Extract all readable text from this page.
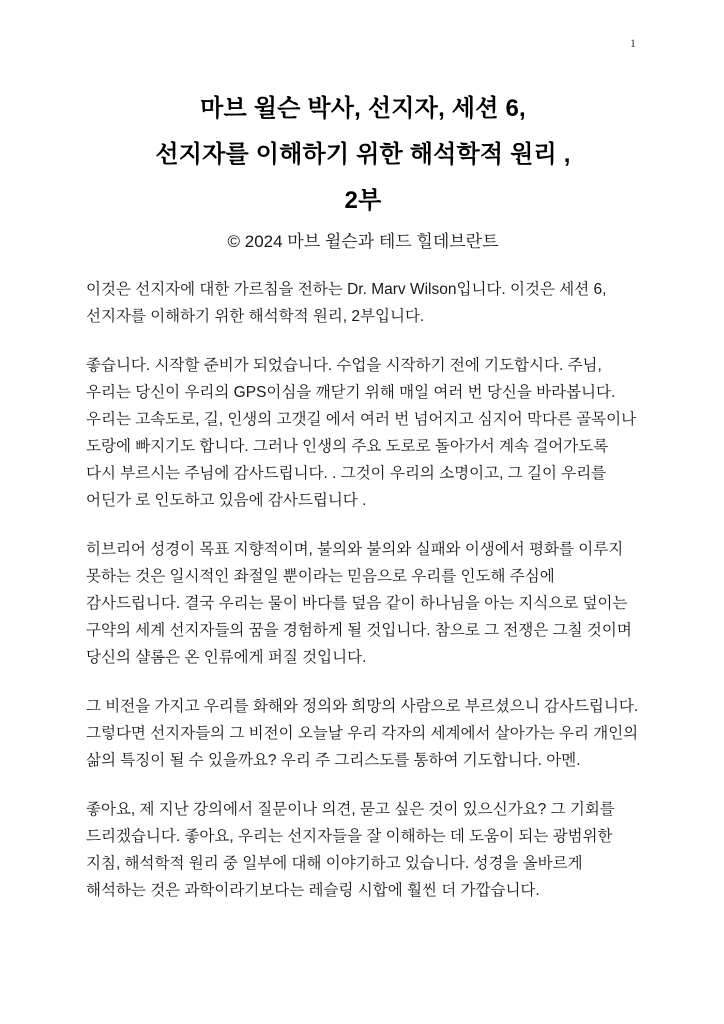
1
마브 윌슨 박사, 선지자, 세션 6,
선지자를 이해하기 위한 해석학적 원리 ,
2부
© 2024 마브 윌슨과 테드 힐데브란트

이것은 선지자에 대한 가르침을 전하는 Dr. Marv Wilson입니다. 이것은 세션 6, 선지자를 이해하기 위한 해석학적 원리, 2부입니다.

좋습니다. 시작할 준비가 되었습니다. 수업을 시작하기 전에 기도합시다. 주님, 우리는 당신이 우리의 GPS이심을 깨닫기 위해 매일 여러 번 당신을 바라봅니다. 우리는 고속도로, 길, 인생의 고갯길 에서 여러 번 넘어지고 심지어 막다른 골목이나 도랑에 빠지기도 합니다. 그러나 인생의 주요 도로로 돌아가서 계속 걸어가도록 다시 부르시는 주님에 감사드립니다. . 그것이 우리의 소명이고, 그 길이 우리를 어딘가 로 인도하고 있음에 감사드립니다 .

히브리어 성경이 목표 지향적이며, 불의와 불의와 실패와 이생에서 평화를 이루지 못하는 것은 일시적인 좌절일 뿐이라는 믿음으로 우리를 인도해 주심에 감사드립니다. 결국 우리는 물이 바다를 덮음 같이 하나님을 아는 지식으로 덮이는 구약의 세계 선지자들의 꿈을 경험하게 될 것입니다. 참으로 그 전쟁은 그칠 것이며 당신의 샬롬은 온 인류에게 퍼질 것입니다.

그 비전을 가지고 우리를 화해와 정의와 희망의 사람으로 부르셨으니 감사드립니다. 그렇다면 선지자들의 그 비전이 오늘날 우리 각자의 세계에서 살아가는 우리 개인의 삶의 특징이 될 수 있을까요? 우리 주 그리스도를 통하여 기도합니다. 아멘.

좋아요, 제 지난 강의에서 질문이나 의견, 묻고 싶은 것이 있으신가요? 그 기회를 드리겠습니다. 좋아요, 우리는 선지자들을 잘 이해하는 데 도움이 되는 광범위한 지침, 해석학적 원리 중 일부에 대해 이야기하고 있습니다. 성경을 올바르게 해석하는 것은 과학이라기보다는 레슬링 시합에 훨씬 더 가깝습니다.
